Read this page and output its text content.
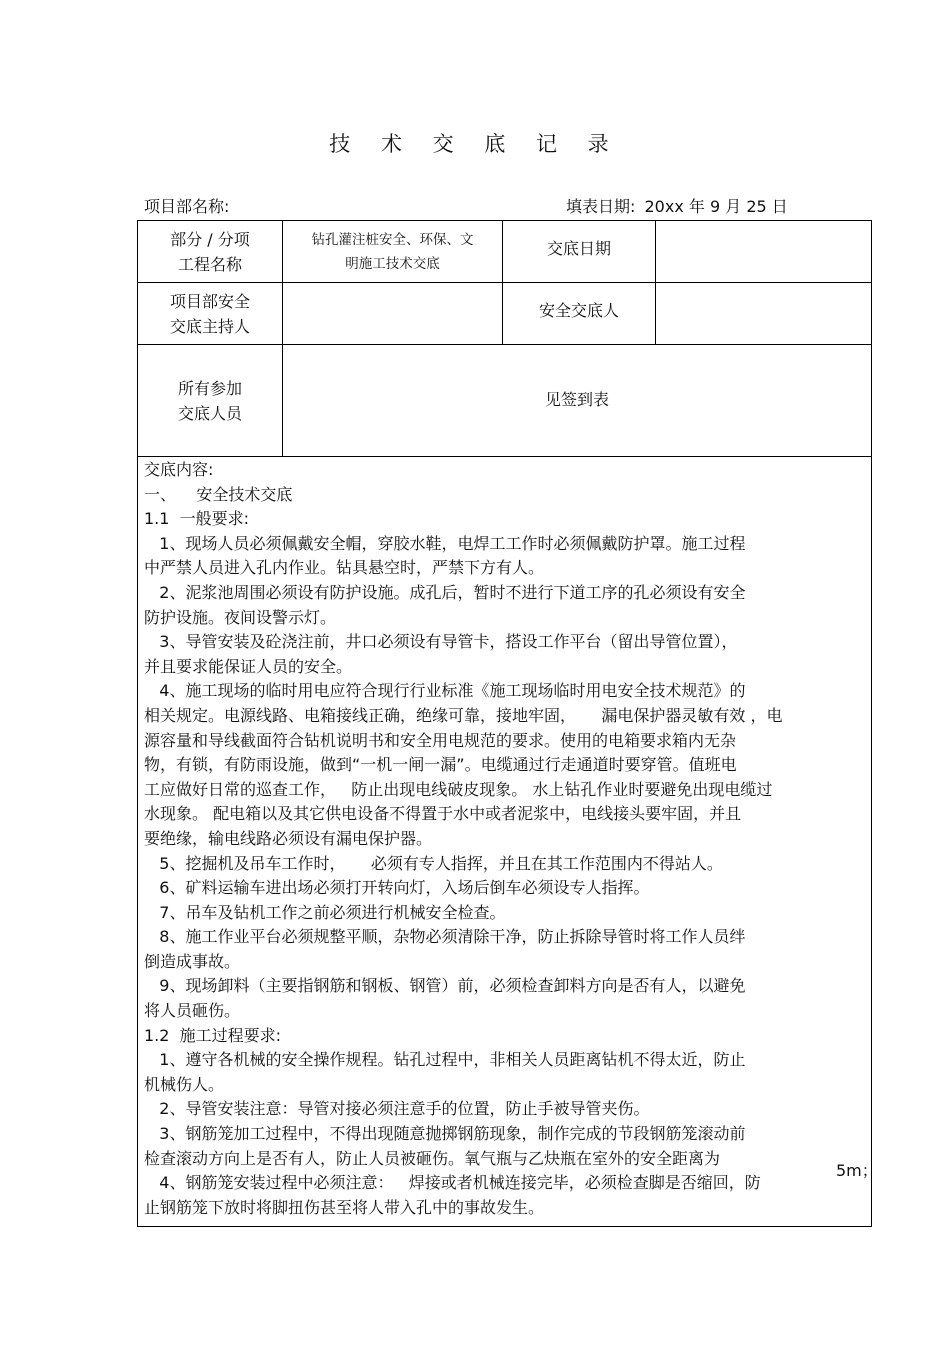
技 术 交 底 记 录
项目部名称:	填表日期: 20xx 年 9 月 25 日
部分 / 分项
工程名称
钻孔灌注桩安全、环保、文
明施工技术交底
交底日期
项目部安全
交底主持人
安全交底人
所有参加
交底人员
见签到表
交底内容:
一、    安全技术交底
1.1  一般要求:
1、现场人员必须佩戴安全帽，穿胶水鞋，电焊工工作时必须佩戴防护罩。施工过程
中严禁人员进入孔内作业。钻具悬空时，严禁下方有人。
2、泥浆池周围必须设有防护设施。成孔后，暂时不进行下道工序的孔必须设有安全
防护设施。夜间设警示灯。
3、导管安装及砼浇注前，井口必须设有导管卡，搭设工作平台（留出导管位置），
并且要求能保证人员的安全。
4、施工现场的临时用电应符合现行行业标准《施工现场临时用电安全技术规范》的
相关规定。电源线路、电箱接线正确，绝缘可靠，接地牢固，     漏电保护器灵敏有效 ，电
源容量和导线截面符合钻机说明书和安全用电规范的要求。使用的电箱要求箱内无杂
物，有锁，有防雨设施，做到“一机一闸一漏”。电缆通过行走通道时要穿管。值班电
工应做好日常的巡查工作，   防止出现电线破皮现象。 水上钻孔作业时要避免出现电缆过
水现象。 配电箱以及其它供电设备不得置于水中或者泥浆中，电线接头要牢固，并且
要绝缘，输电线路必须设有漏电保护器。
5、挖掘机及吊车工作时，     必须有专人指挥，并且在其工作范围内不得站人。
6、矿料运输车进出场必须打开转向灯，入场后倒车必须设专人指挥。
7、吊车及钻机工作之前必须进行机械安全检查。
8、施工作业平台必须规整平顺，杂物必须清除干净，防止拆除导管时将工作人员绊
倒造成事故。
9、现场卸料（主要指钢筋和钢板、钢管）前，必须检查卸料方向是否有人，以避免
将人员砸伤。
1.2  施工过程要求:
1、遵守各机械的安全操作规程。钻孔过程中，非相关人员距离钻机不得太近，防止
机械伤人。
2、导管安装注意：导管对接必须注意手的位置，防止手被导管夹伤。
3、钢筋笼加工过程中，不得出现随意抛掷钢筋现象，制作完成的节段钢筋笼滚动前
检查滚动方向上是否有人，防止人员被砸伤。氧气瓶与乙炔瓶在室外的安全距离为
4、钢筋笼安装过程中必须注意：   焊接或者机械连接完毕，必须检查脚是否缩回，防
止钢筋笼下放时将脚扭伤甚至将人带入孔中的事故发生。
5m；
